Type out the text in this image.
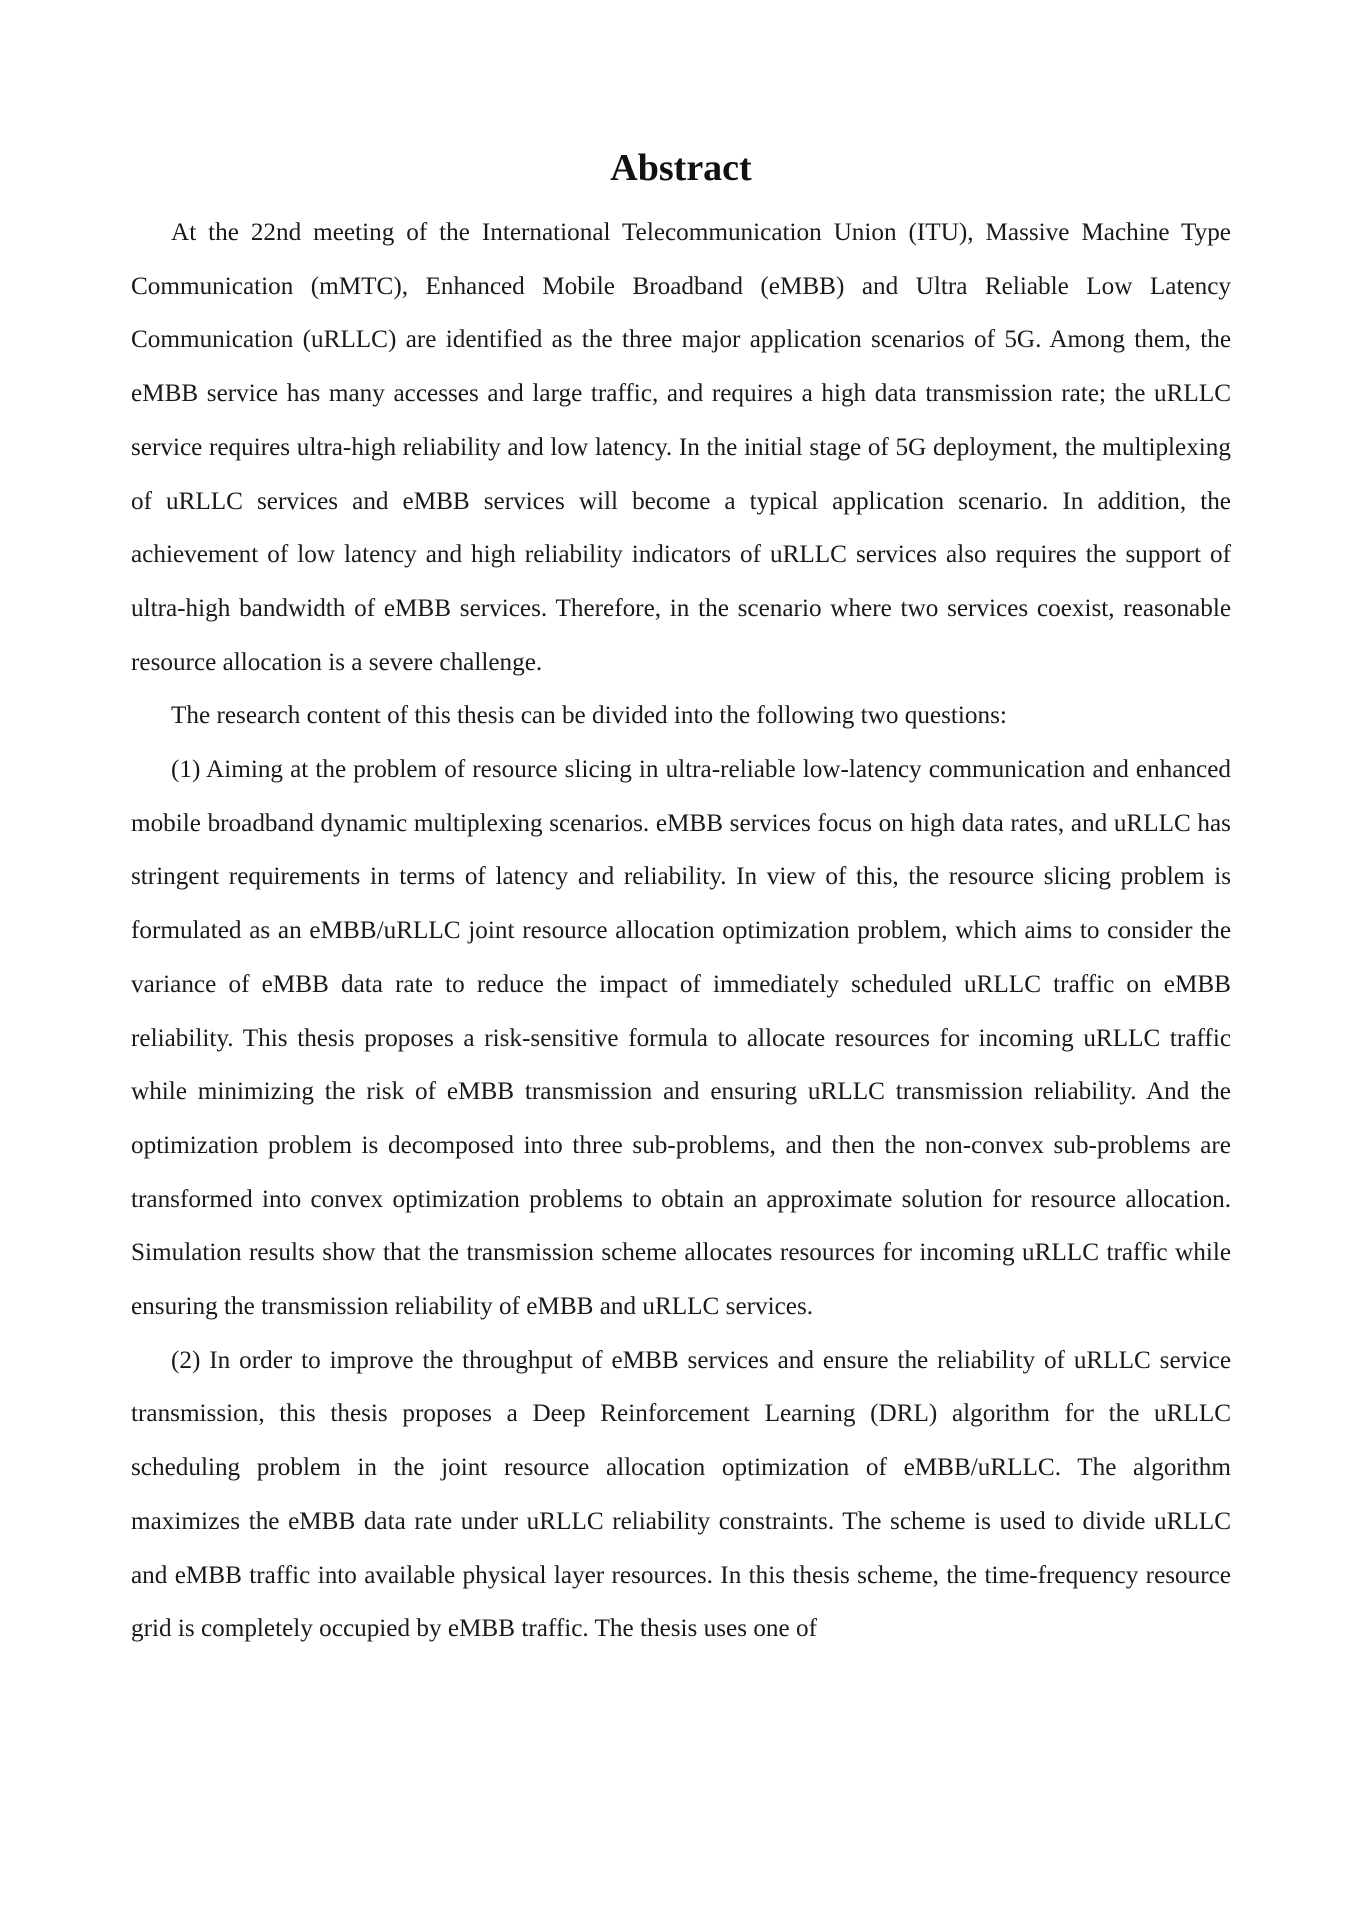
Abstract

At the 22nd meeting of the International Telecommunication Union (ITU), Massive Machine Type Communication (mMTC), Enhanced Mobile Broadband (eMBB) and Ultra Reliable Low Latency Communication (uRLLC) are identified as the three major application scenarios of 5G. Among them, the eMBB service has many accesses and large traffic, and requires a high data transmission rate; the uRLLC service requires ultra-high reliability and low latency. In the initial stage of 5G deployment, the multiplexing of uRLLC services and eMBB services will become a typical application scenario. In addition, the achievement of low latency and high reliability indicators of uRLLC services also requires the support of ultra-high bandwidth of eMBB services. Therefore, in the scenario where two services coexist, reasonable resource allocation is a severe challenge.

The research content of this thesis can be divided into the following two questions:

(1) Aiming at the problem of resource slicing in ultra-reliable low-latency communication and enhanced mobile broadband dynamic multiplexing scenarios. eMBB services focus on high data rates, and uRLLC has stringent requirements in terms of latency and reliability. In view of this, the resource slicing problem is formulated as an eMBB/uRLLC joint resource allocation optimization problem, which aims to consider the variance of eMBB data rate to reduce the impact of immediately scheduled uRLLC traffic on eMBB reliability. This thesis proposes a risk-sensitive formula to allocate resources for incoming uRLLC traffic while minimizing the risk of eMBB transmission and ensuring uRLLC transmission reliability. And the optimization problem is decomposed into three sub-problems, and then the non-convex sub-problems are transformed into convex optimization problems to obtain an approximate solution for resource allocation. Simulation results show that the transmission scheme allocates resources for incoming uRLLC traffic while ensuring the transmission reliability of eMBB and uRLLC services.

(2) In order to improve the throughput of eMBB services and ensure the reliability of uRLLC service transmission, this thesis proposes a Deep Reinforcement Learning (DRL) algorithm for the uRLLC scheduling problem in the joint resource allocation optimization of eMBB/uRLLC. The algorithm maximizes the eMBB data rate under uRLLC reliability constraints. The scheme is used to divide uRLLC and eMBB traffic into available physical layer resources. In this thesis scheme, the time-frequency resource grid is completely occupied by eMBB traffic. The thesis uses one of
